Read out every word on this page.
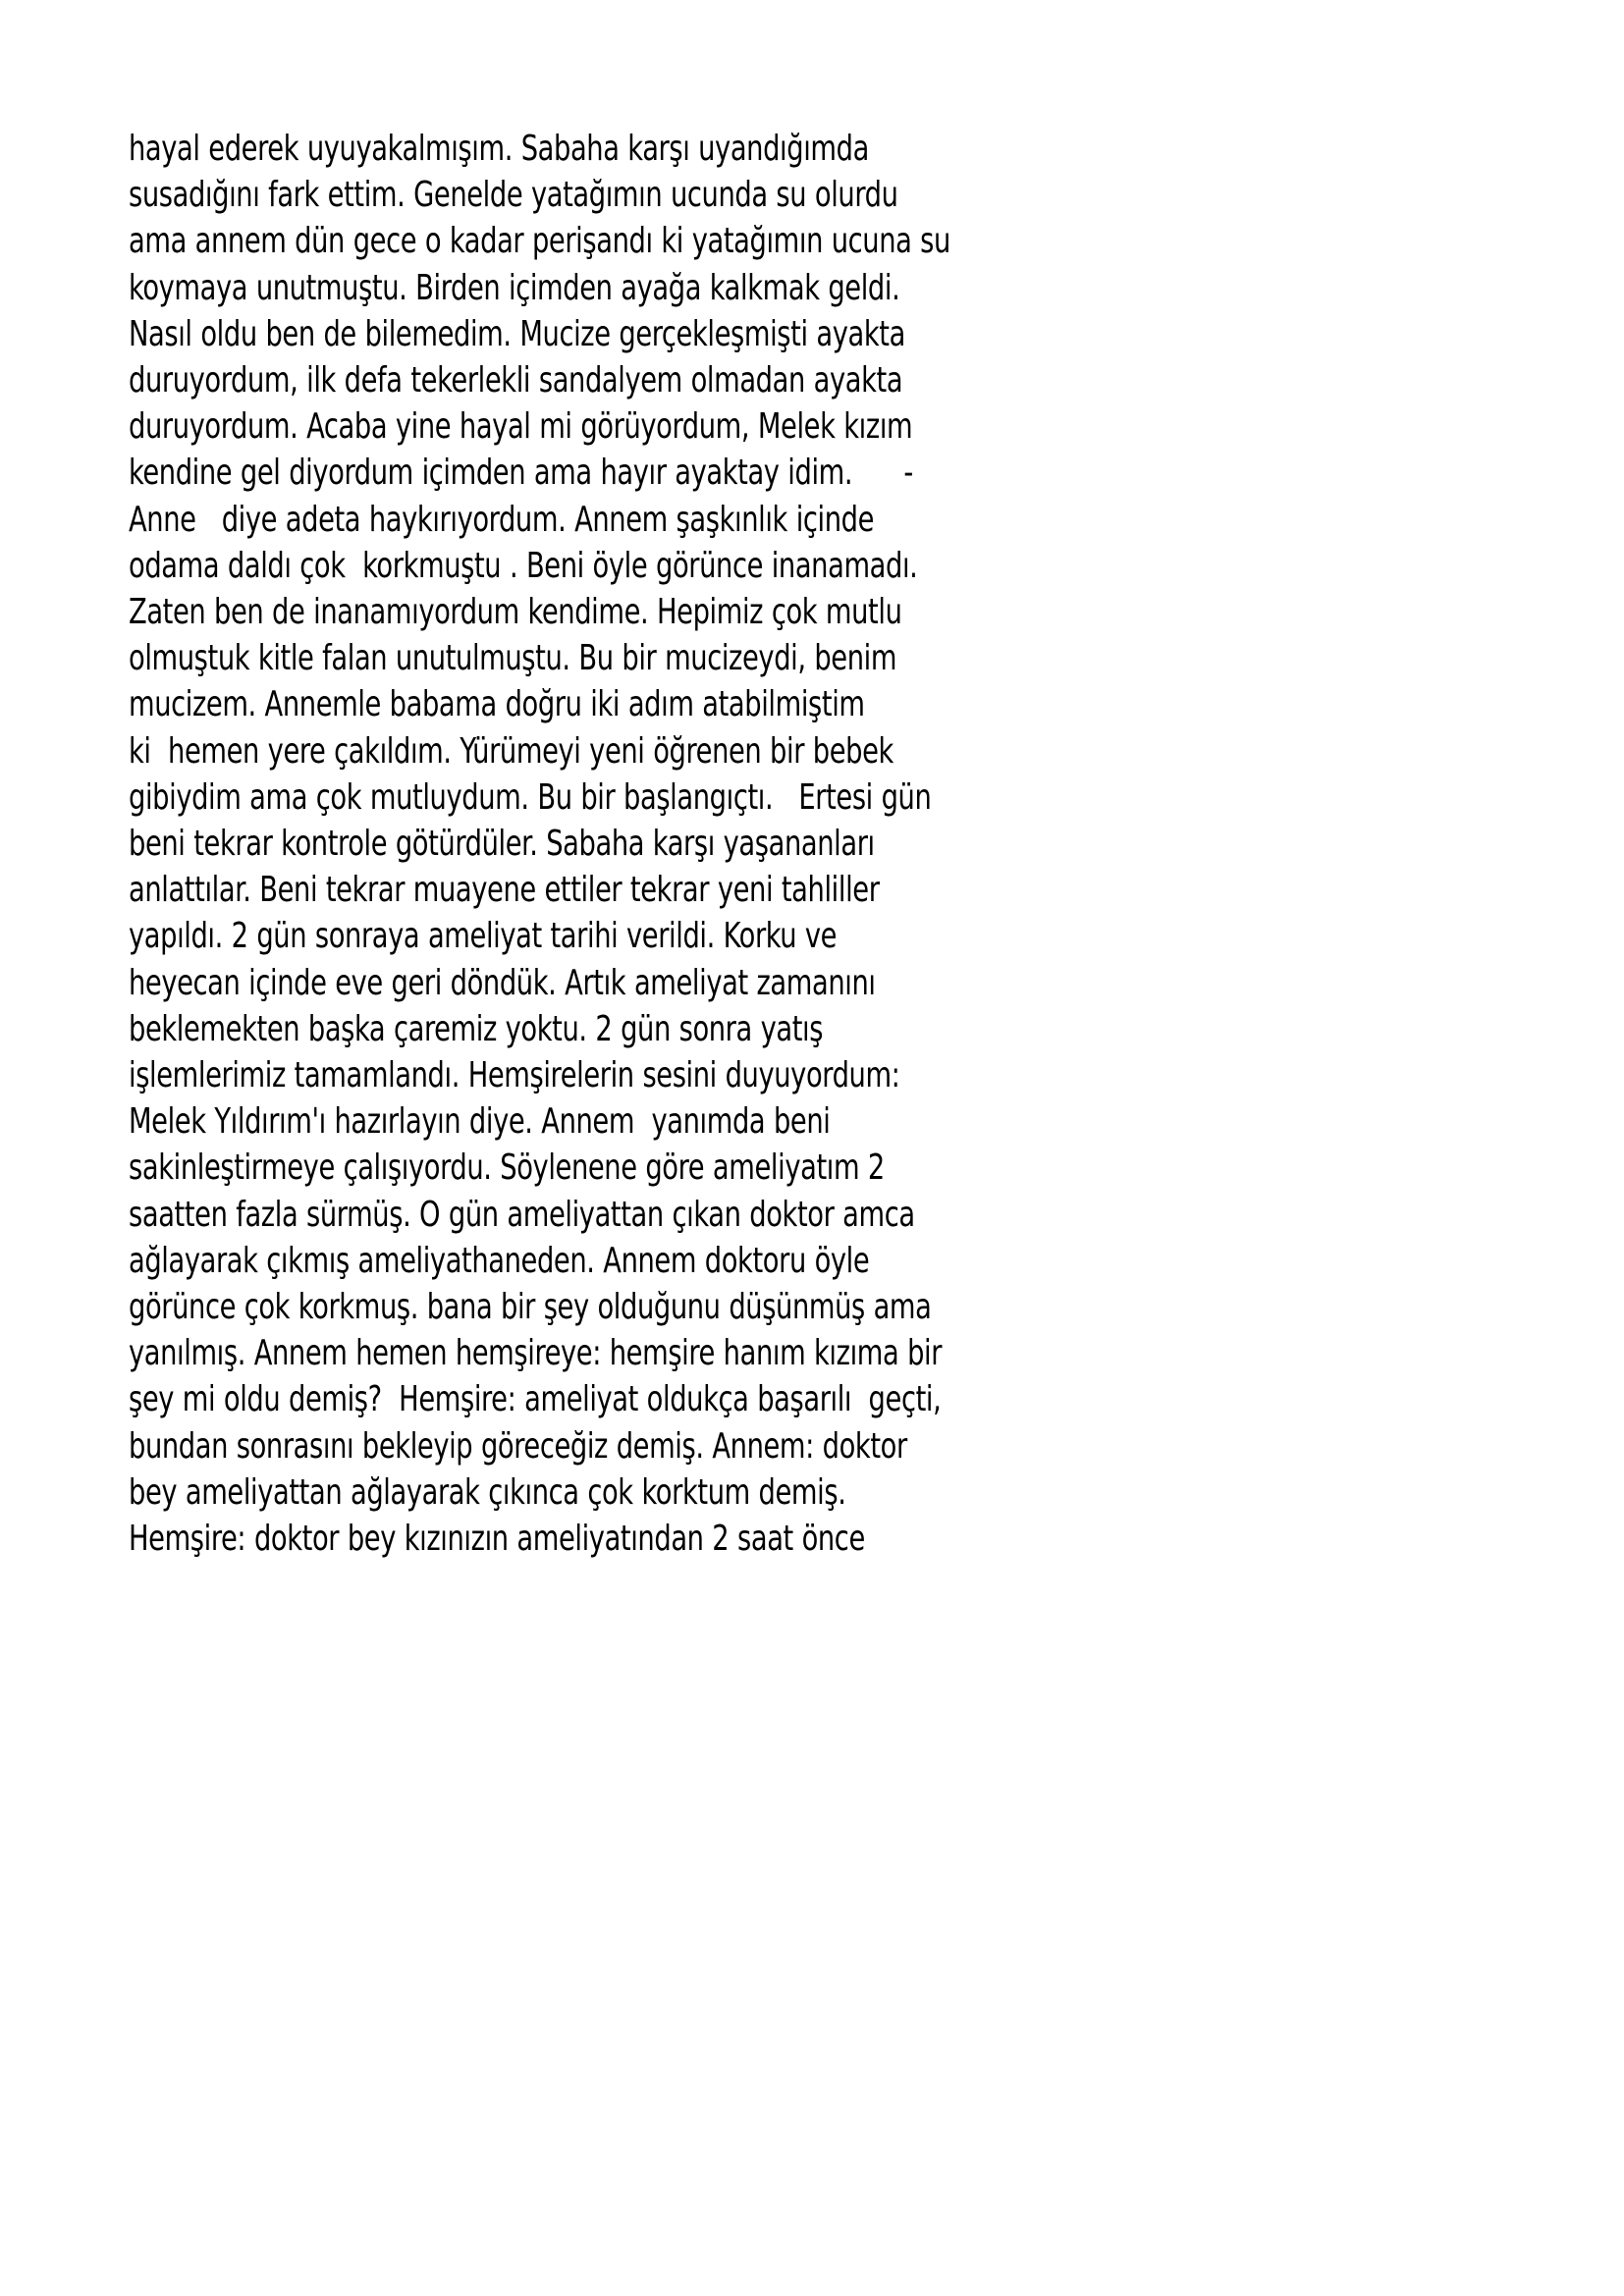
hayal ederek uyuyakalmışım. Sabaha karşı uyandığımda
susadığını fark ettim. Genelde yatağımın ucunda su olurdu
ama annem dün gece o kadar perişandı ki yatağımın ucuna su
koymaya unutmuştu. Birden içimden ayağa kalkmak geldi.
Nasıl oldu ben de bilemedim. Mucize gerçekleşmişti ayakta
duruyordum, ilk defa tekerlekli sandalyem olmadan ayakta
duruyordum. Acaba yine hayal mi görüyordum, Melek kızım
kendine gel diyordum içimden ama hayır ayaktay idim.      -
Anne   diye adeta haykırıyordum. Annem şaşkınlık içinde
odama daldı çok  korkmuştu . Beni öyle görünce inanamadı.
Zaten ben de inanamıyordum kendime. Hepimiz çok mutlu
olmuştuk kitle falan unutulmuştu. Bu bir mucizeydi, benim
mucizem. Annemle babama doğru iki adım atabilmiştim
ki  hemen yere çakıldım. Yürümeyi yeni öğrenen bir bebek
gibiydim ama çok mutluydum. Bu bir başlangıçtı.   Ertesi gün
beni tekrar kontrole götürdüler. Sabaha karşı yaşananları
anlattılar. Beni tekrar muayene ettiler tekrar yeni tahliller
yapıldı. 2 gün sonraya ameliyat tarihi verildi. Korku ve
heyecan içinde eve geri döndük. Artık ameliyat zamanını
beklemekten başka çaremiz yoktu. 2 gün sonra yatış
işlemlerimiz tamamlandı. Hemşirelerin sesini duyuyordum:
Melek Yıldırım'ı hazırlayın diye. Annem  yanımda beni
sakinleştirmeye çalışıyordu. Söylenene göre ameliyatım 2
saatten fazla sürmüş. O gün ameliyattan çıkan doktor amca
ağlayarak çıkmış ameliyathaneden. Annem doktoru öyle
görünce çok korkmuş. bana bir şey olduğunu düşünmüş ama
yanılmış. Annem hemen hemşireye: hemşire hanım kızıma bir
şey mi oldu demiş?  Hemşire: ameliyat oldukça başarılı  geçti,
bundan sonrasını bekleyip göreceğiz demiş. Annem: doktor
bey ameliyattan ağlayarak çıkınca çok korktum demiş.
Hemşire: doktor bey kızınızın ameliyatından 2 saat önce
